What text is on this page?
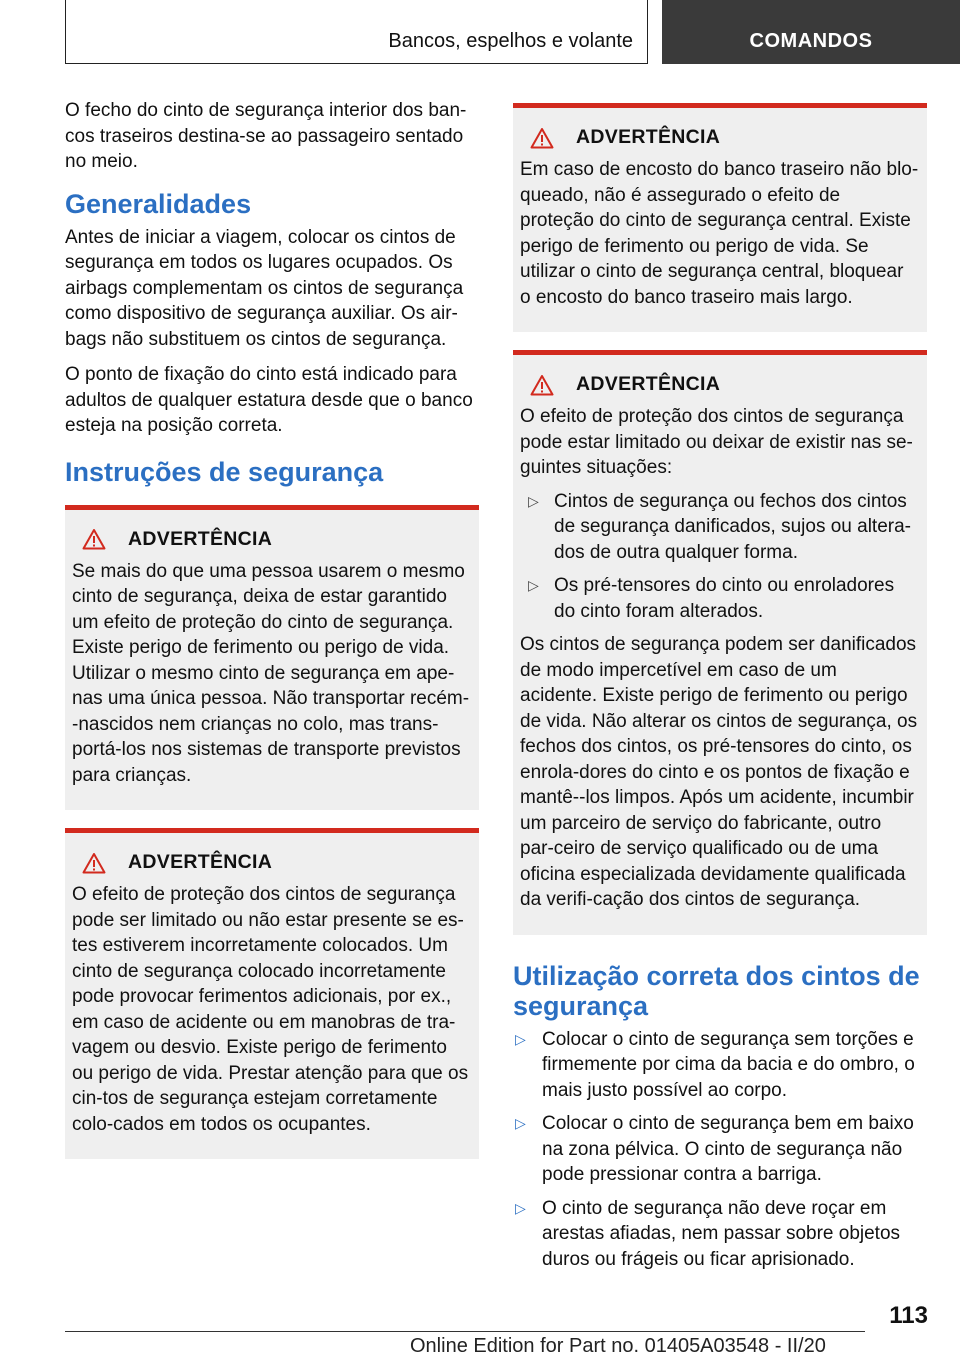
Bancos, espelhos e volante	COMANDOS

O fecho do cinto de segurança interior dos ban-cos traseiros destina-se ao passageiro sentado no meio.

Generalidades

Antes de iniciar a viagem, colocar os cintos de segurança em todos os lugares ocupados. Os airbags complementam os cintos de segurança como dispositivo de segurança auxiliar. Os air-bags não substituem os cintos de segurança.

O ponto de fixação do cinto está indicado para adultos de qualquer estatura desde que o banco esteja na posição correta.

Instruções de segurança
ADVERTÊNCIA

Se mais do que uma pessoa usarem o mesmo cinto de segurança, deixa de estar garantido um efeito de proteção do cinto de segurança. Existe perigo de ferimento ou perigo de vida. Utilizar o mesmo cinto de segurança em ape-nas uma única pessoa. Não transportar recém--nascidos nem crianças no colo, mas trans-portá-los nos sistemas de transporte previstos para crianças.

ADVERTÊNCIA

O efeito de proteção dos cintos de segurança pode ser limitado ou não estar presente se es-tes estiverem incorretamente colocados. Um cinto de segurança colocado incorretamente pode provocar ferimentos adicionais, por ex., em caso de acidente ou em manobras de tra-vagem ou desvio. Existe perigo de ferimento ou perigo de vida. Prestar atenção para que os cin-tos de segurança estejam corretamente colo-cados em todos os ocupantes.

ADVERTÊNCIA

Em caso de encosto do banco traseiro não blo-queado, não é assegurado o efeito de proteção do cinto de segurança central. Existe perigo de ferimento ou perigo de vida. Se utilizar o cinto de segurança central, bloquear o encosto do banco traseiro mais largo.

ADVERTÊNCIA

O efeito de proteção dos cintos de segurança pode estar limitado ou deixar de existir nas se-guintes situações:

▷ Cintos de segurança ou fechos dos cintos de segurança danificados, sujos ou altera-dos de outra qualquer forma.
▷ Os pré-tensores do cinto ou enroladores do cinto foram alterados.

Os cintos de segurança podem ser danificados de modo impercetível em caso de um acidente. Existe perigo de ferimento ou perigo de vida. Não alterar os cintos de segurança, os fechos dos cintos, os pré-tensores do cinto, os enrola-dores do cinto e os pontos de fixação e mantê--los limpos. Após um acidente, incumbir um parceiro de serviço do fabricante, outro par-ceiro de serviço qualificado ou de uma oficina especializada devidamente qualificada da verifi-cação dos cintos de segurança.

Utilização correta dos cintos de segurança
▷ Colocar o cinto de segurança sem torções e firmemente por cima da bacia e do ombro, o mais justo possível ao corpo.
▷ Colocar o cinto de segurança bem em baixo na zona pélvica. O cinto de segurança não pode pressionar contra a barriga.
▷ O cinto de segurança não deve roçar em arestas afiadas, nem passar sobre objetos duros ou frágeis ou ficar aprisionado.
113
Online Edition for Part no. 01405A03548 - II/20
